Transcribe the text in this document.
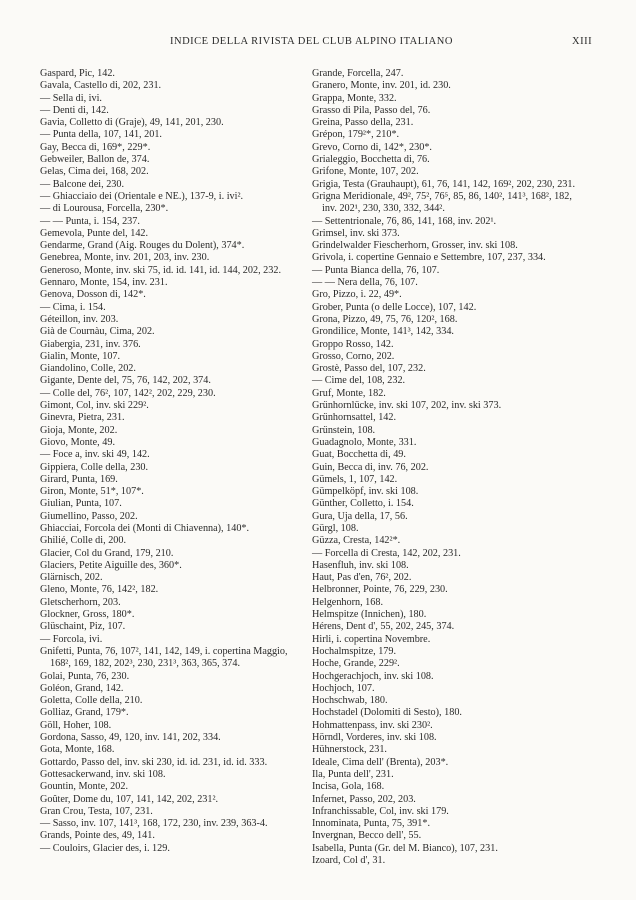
INDICE DELLA RIVISTA DEL CLUB ALPINO ITALIANO	XIII
Gaspard, Pic, 142.
Gavala, Castello di, 202, 231.
— Sella di, ivi.
— Denti di, 142.
Gavia, Colletto di (Graje), 49, 141, 201, 230.
— Punta della, 107, 141, 201.
Gay, Becca di, 169*, 229*.
Gebweiler, Ballon de, 374.
Gelas, Cima dei, 168, 202.
— Balcone dei, 230.
— Ghiacciaio dei (Orientale e NE.), 137-9, i. ivi².
— di Lourousa, Forcella, 230*.
— — Punta, i. 154, 237.
Gemevola, Punte del, 142.
Gendarme, Grand (Aig. Rouges du Dolent), 374*.
Genebrea, Monte, inv. 201, 203, inv. 230.
Generoso, Monte, inv. ski 75, id. id. 141, id. 144, 202, 232.
Gennaro, Monte, 154, inv. 231.
Genova, Dosson di, 142*.
— Cima, i. 154.
Géteillon, inv. 203.
Già de Cournàu, Cima, 202.
Giabergia, 231, inv. 376.
Gialin, Monte, 107.
Giandolino, Colle, 202.
Gigante, Dente del, 75, 76, 142, 202, 374.
— Colle del, 76², 107, 142², 202, 229, 230.
Gimont, Col, inv. ski 229².
Ginevra, Pietra, 231.
Gioja, Monte, 202.
Giovo, Monte, 49.
— Foce a, inv. ski 49, 142.
Gippiera, Colle della, 230.
Girard, Punta, 169.
Giron, Monte, 51*, 107*.
Giulian, Punta, 107.
Giumellino, Passo, 202.
Ghiacciai, Forcola dei (Monti di Chiavenna), 140*.
Ghilié, Colle di, 200.
Glacier, Col du Grand, 179, 210.
Glaciers, Petite Aiguille des, 360*.
Glärnisch, 202.
Gleno, Monte, 76, 142², 182.
Gletscherhorn, 203.
Glockner, Gross, 180*.
Glüschaint, Piz, 107.
— Forcola, ivi.
Gnifetti, Punta, 76, 107², 141, 142, 149, i. copertina Maggio, 168², 169, 182, 202³, 230, 231³, 363, 365, 374.
Golai, Punta, 76, 230.
Goléon, Grand, 142.
Goletta, Colle della, 210.
Golliaz, Grand, 179*.
Göll, Hoher, 108.
Gordona, Sasso, 49, 120, inv. 141, 202, 334.
Gota, Monte, 168.
Gottardo, Passo del, inv. ski 230, id. id. 231, id. id. 333.
Gottesackerwand, inv. ski 108.
Gountin, Monte, 202.
Goûter, Dome du, 107, 141, 142, 202, 231².
Gran Crou, Testa, 107, 231.
— Sasso, inv. 107, 141³, 168, 172, 230, inv. 239, 363-4.
Grands, Pointe des, 49, 141.
— Couloirs, Glacier des, i. 129.
Grande, Forcella, 247.
Granero, Monte, inv. 201, id. 230.
Grappa, Monte, 332.
Grasso di Pila, Passo del, 76.
Greina, Passo della, 231.
Grépon, 179²*, 210*.
Grevo, Corno di, 142*, 230*.
Grialeggio, Bocchetta di, 76.
Grifone, Monte, 107, 202.
Grigia, Testa (Grauhaupt), 61, 76, 141, 142, 169², 202, 230, 231.
Grigna Meridionale, 49², 75², 76⁵, 85, 86, 140², 141³, 168², 182, inv. 202¹, 230, 330, 332, 344².
— Settentrionale, 76, 86, 141, 168, inv. 202¹.
Grimsel, inv. ski 373.
Grindelwalder Fiescherhorn, Grosser, inv. ski 108.
Grivola, i. copertine Gennaio e Settembre, 107, 237, 334.
— Punta Bianca della, 76, 107.
— — Nera della, 76, 107.
Gro, Pizzo, i. 22, 49*.
Grober, Punta (o delle Locce), 107, 142.
Grona, Pizzo, 49, 75, 76, 120², 168.
Grondilice, Monte, 141³, 142, 334.
Groppo Rosso, 142.
Grosso, Corno, 202.
Grostè, Passo del, 107, 232.
— Cime del, 108, 232.
Gruf, Monte, 182.
Grünhornlücke, inv. ski 107, 202, inv. ski 373.
Grünhornsattel, 142.
Grünstein, 108.
Guadagnolo, Monte, 331.
Guat, Bocchetta di, 49.
Guin, Becca di, inv. 76, 202.
Gümels, 1, 107, 142.
Gümpelköpf, inv. ski 108.
Günther, Colletto, i. 154.
Gura, Uja della, 17, 56.
Gürgl, 108.
Güzza, Cresta, 142²*.
— Forcella di Cresta, 142, 202, 231.
Hasenfluh, inv. ski 108.
Haut, Pas d'en, 76², 202.
Helbronner, Pointe, 76, 229, 230.
Helgenhorn, 168.
Helmspitze (Innichen), 180.
Hérens, Dent d', 55, 202, 245, 374.
Hirli, i. copertina Novembre.
Hochalmspitze, 179.
Hoche, Grande, 229².
Hochgerachjoch, inv. ski 108.
Hochjoch, 107.
Hochschwab, 180.
Hochstadel (Dolomiti di Sesto), 180.
Hohmattenpass, inv. ski 230².
Hörndl, Vorderes, inv. ski 108.
Hühnerstock, 231.
Ideale, Cima dell' (Brenta), 203*.
Ila, Punta dell', 231.
Incisa, Gola, 168.
Infernet, Passo, 202, 203.
Infranchissable, Col, inv. ski 179.
Innominata, Punta, 75, 391*.
Invergnan, Becco dell', 55.
Isabella, Punta (Gr. del M. Bianco), 107, 231.
Izoard, Col d', 31.
